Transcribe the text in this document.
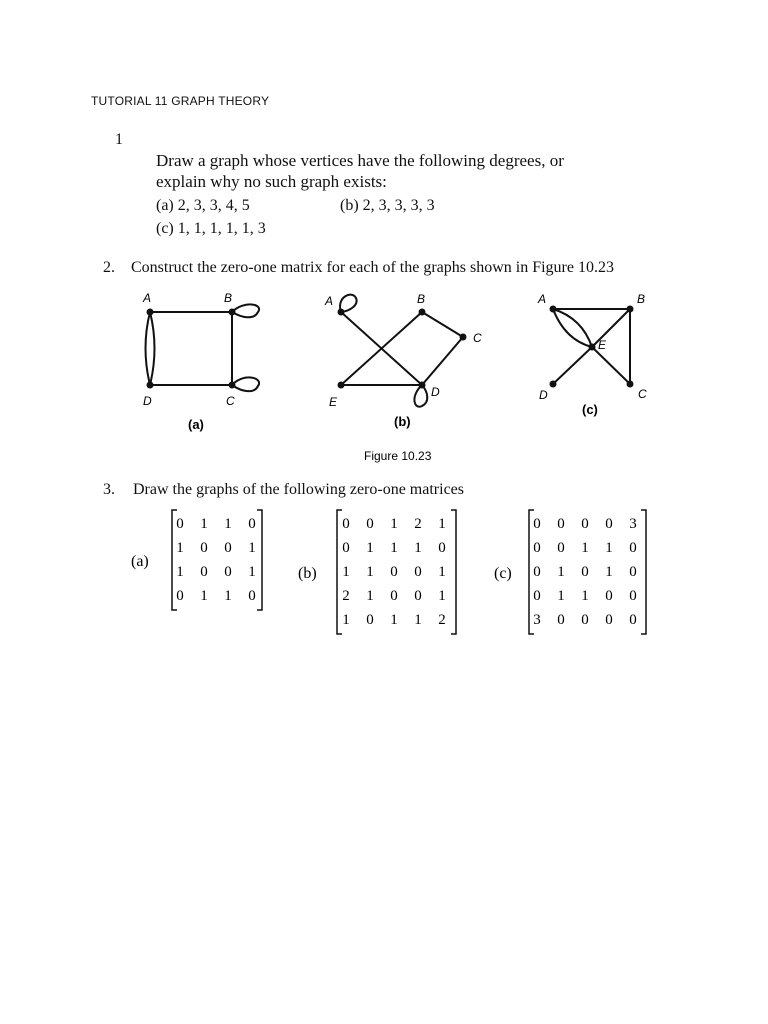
TUTORIAL 11 GRAPH THEORY
1
Draw a graph whose vertices have the following degrees, or
explain why no such graph exists:
(a) 2, 3, 3, 4, 5	(b) 2, 3, 3, 3, 3
(c) 1, 1, 1, 1, 1, 3
2. Construct the zero-one matrix for each of the graphs shown in Figure 10.23
A	B
C
D
(a)
A	B
C
D
E
(b)
A	B
C
D
E
(c)
Figure 10.23
3. Draw the graphs of the following zero-one matrices
(a)
0 1 1 0
1 0 0 1
1 0 0 1
0 1 1 0
(b)
0 0 1 2 1
0 1 1 1 0
1 1 0 0 1
2 1 0 0 1
1 0 1 1 2
(c)
0 0 0 0 3
0 0 1 1 0
0 1 0 1 0
0 1 1 0 0
3 0 0 0 0
